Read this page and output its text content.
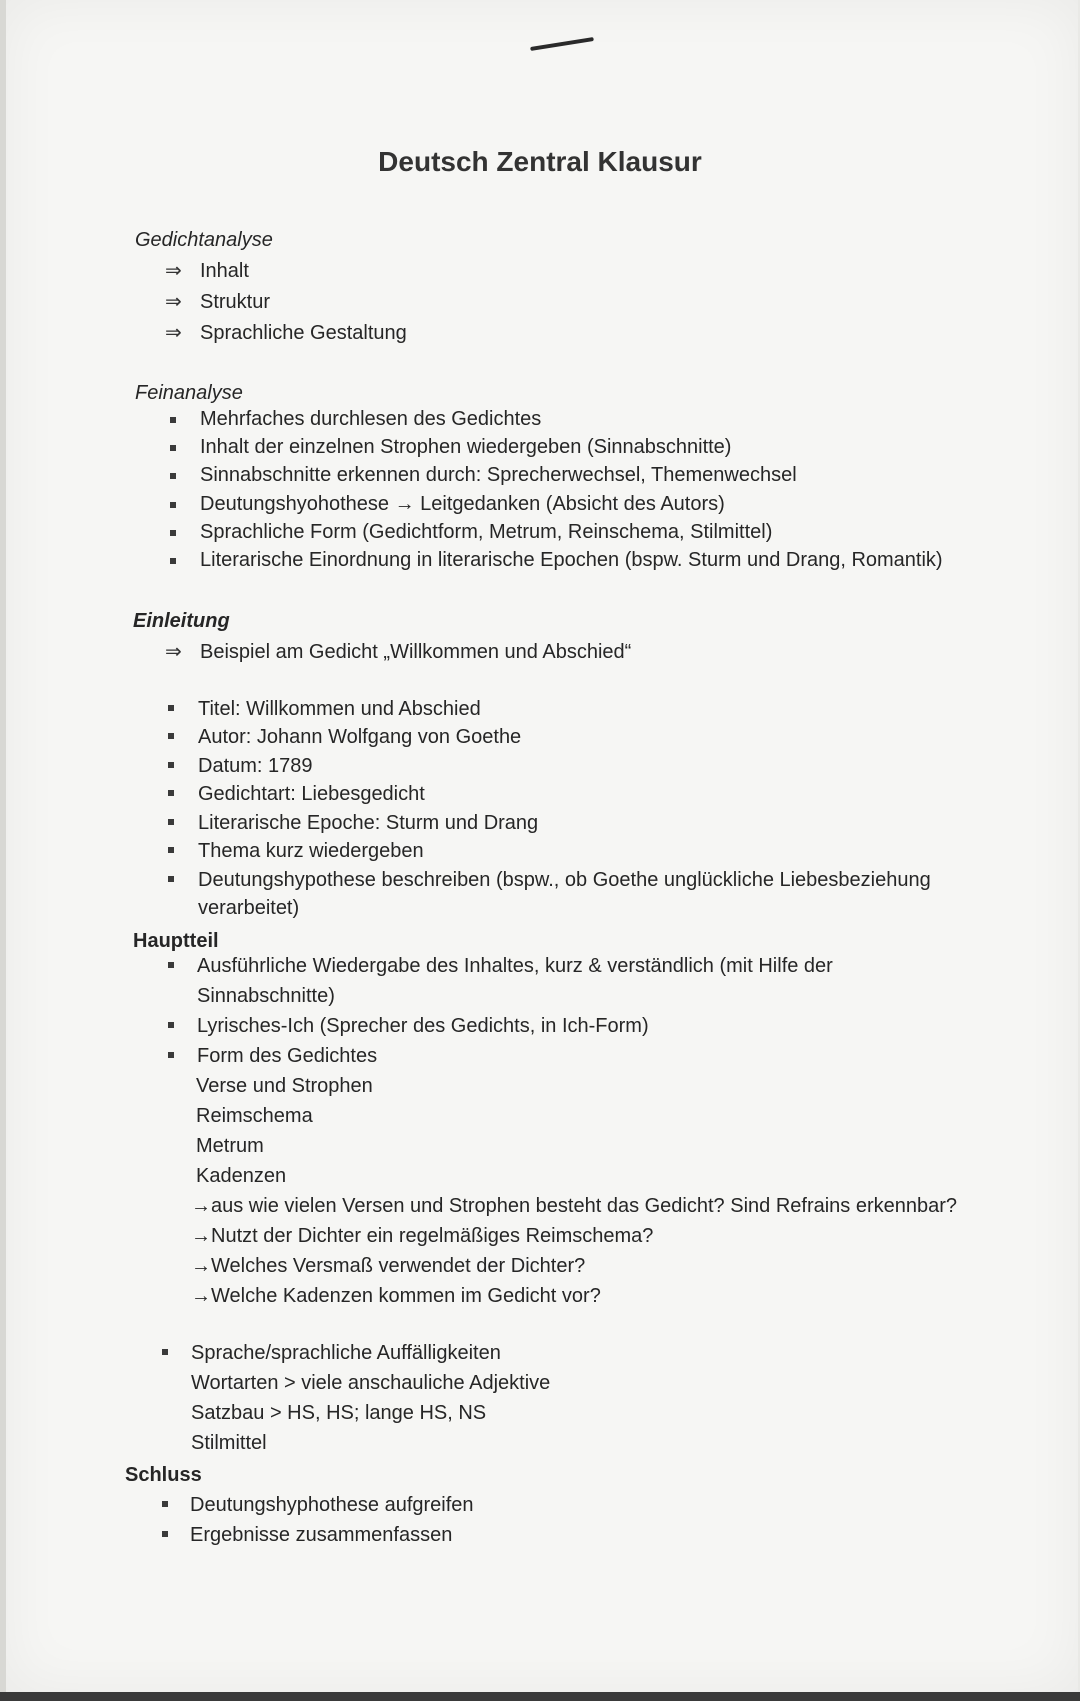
Deutsch Zentral Klausur
Gedichtanalyse
⇒ Inhalt
⇒ Struktur
⇒ Sprachliche Gestaltung
Feinanalyse
Mehrfaches durchlesen des Gedichtes
Inhalt der einzelnen Strophen wiedergeben (Sinnabschnitte)
Sinnabschnitte erkennen durch: Sprecherwechsel, Themenwechsel
Deutungshyohothese → Leitgedanken (Absicht des Autors)
Sprachliche Form (Gedichtform, Metrum, Reinschema, Stilmittel)
Literarische Einordnung in literarische Epochen (bspw. Sturm und Drang, Romantik)
Einleitung
⇒ Beispiel am Gedicht „Willkommen und Abschied“
Titel: Willkommen und Abschied
Autor: Johann Wolfgang von Goethe
Datum: 1789
Gedichtart: Liebesgedicht
Literarische Epoche: Sturm und Drang
Thema kurz wiedergeben
Deutungshypothese beschreiben (bspw., ob Goethe unglückliche Liebesbeziehung
verarbeitet)
Hauptteil
Ausführliche Wiedergabe des Inhaltes, kurz & verständlich (mit Hilfe der
Sinnabschnitte)
Lyrisches-Ich (Sprecher des Gedichts, in Ich-Form)
Form des Gedichtes
Verse und Strophen
Reimschema
Metrum
Kadenzen
→aus wie vielen Versen und Strophen besteht das Gedicht? Sind Refrains erkennbar?
→Nutzt der Dichter ein regelmäßiges Reimschema?
→Welches Versmaß verwendet der Dichter?
→Welche Kadenzen kommen im Gedicht vor?
Sprache/sprachliche Auffälligkeiten
Wortarten > viele anschauliche Adjektive
Satzbau > HS, HS; lange HS, NS
Stilmittel
Schluss
Deutungshyphothese aufgreifen
Ergebnisse zusammenfassen
